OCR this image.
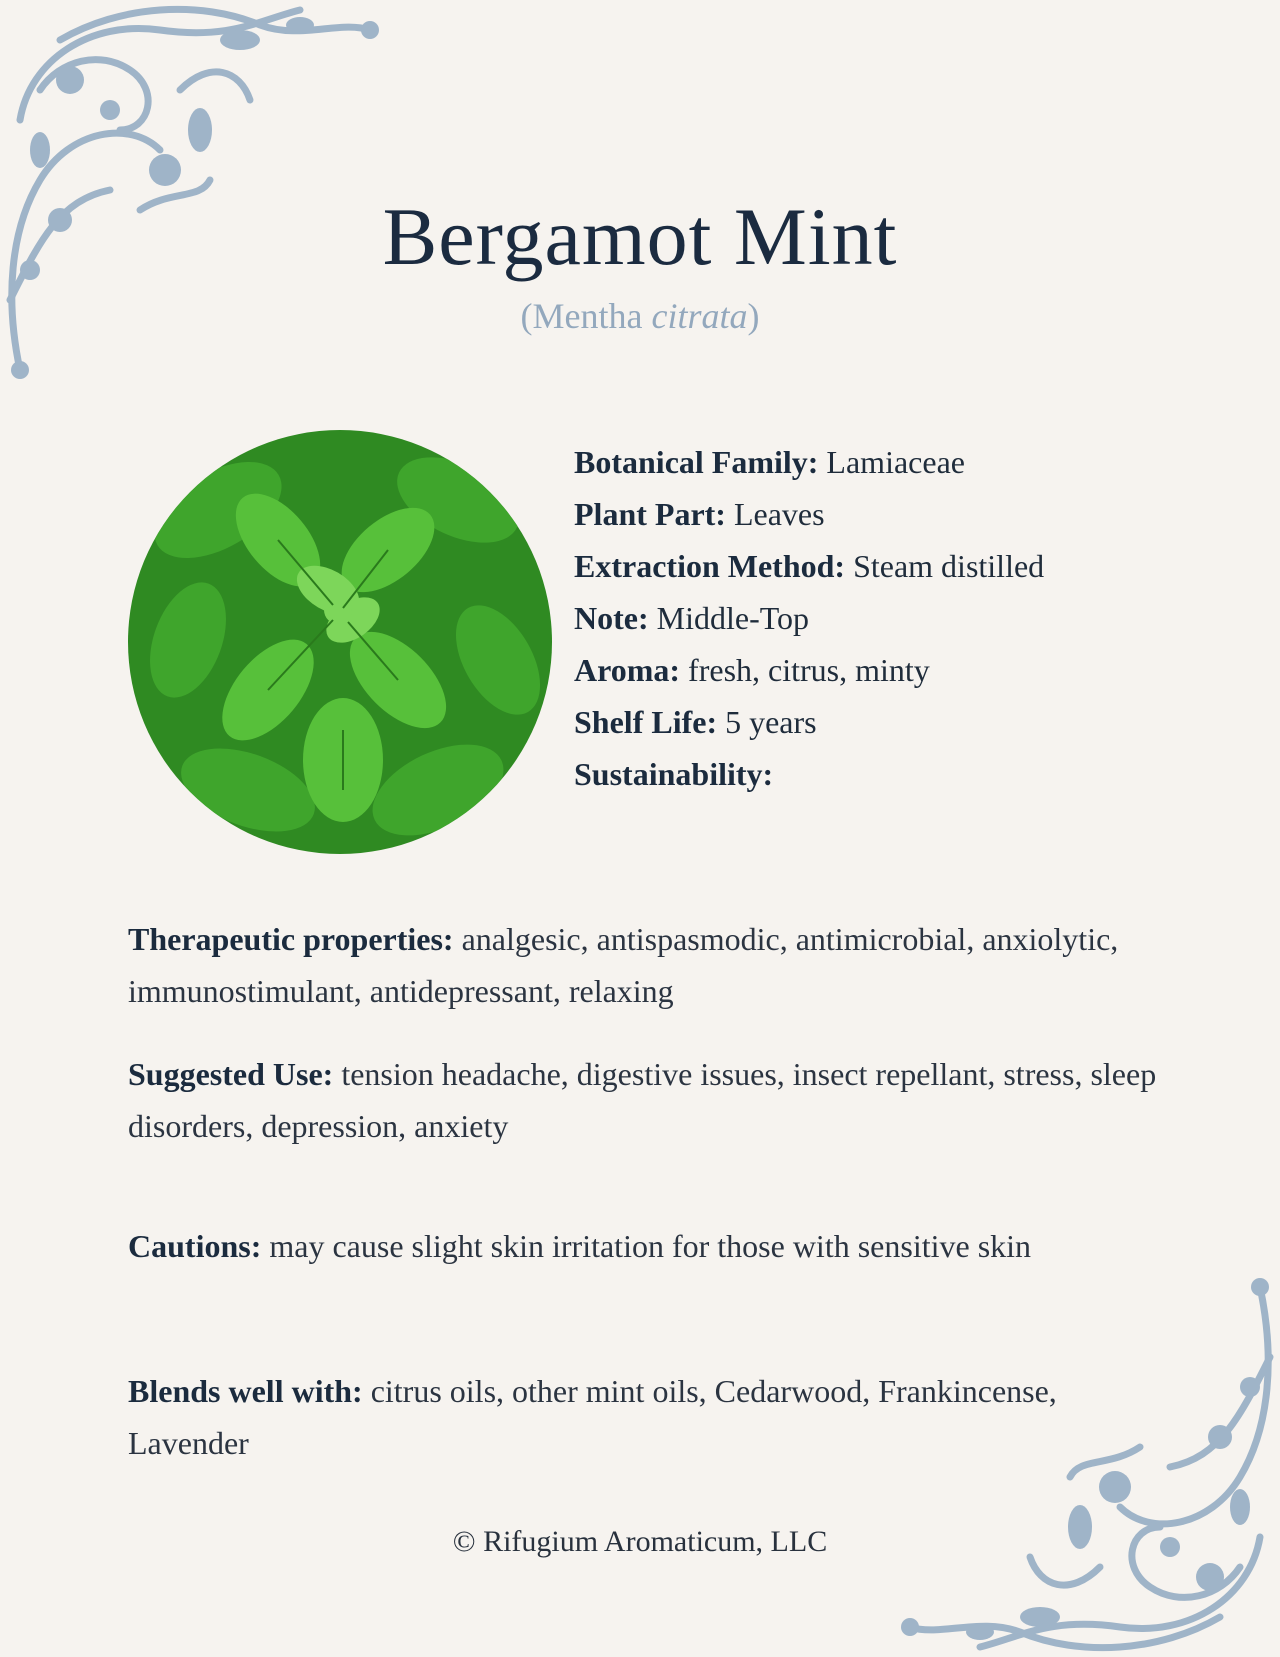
Bergamot Mint
(Mentha citrata)
Botanical Family: Lamiaceae
Plant Part: Leaves
Extraction Method: Steam distilled
Note: Middle-Top
Aroma: fresh, citrus, minty
Shelf Life: 5 years
Sustainability:
Therapeutic properties: analgesic, antispasmodic, antimicrobial, anxiolytic, immunostimulant, antidepressant, relaxing
Suggested Use: tension headache, digestive issues, insect repellant, stress, sleep disorders, depression, anxiety
Cautions: may cause slight skin irritation for those with sensitive skin
Blends well with: citrus oils, other mint oils, Cedarwood, Frankincense, Lavender
© Rifugium Aromaticum, LLC
